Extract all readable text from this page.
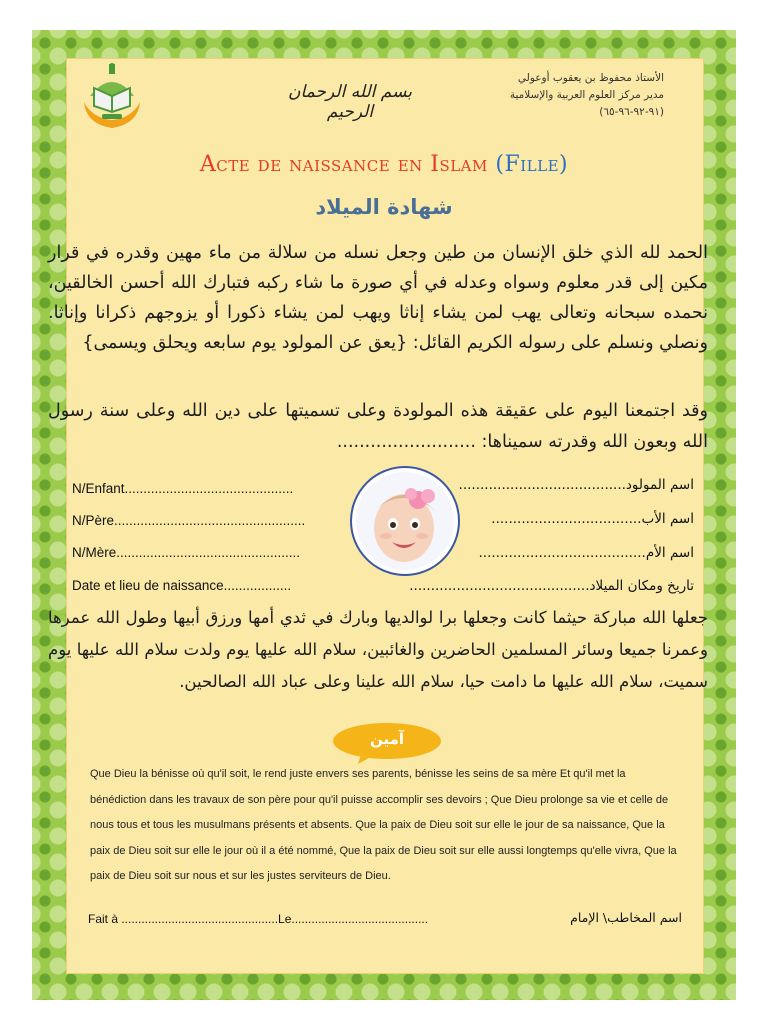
بسم الله الرحمان الرحيم
الأستاذ محفوظ بن يعقوب أوعولي
مدير مركز العلوم العربية والإسلامية
(٩١-٩٢-٩٦-٦٥)
Acte de naissance en Islam (Fille)
شهادة الميلاد

الحمد لله الذي خلق الإنسان من طين وجعل نسله من سلالة من ماء مهين وقدره في قرار مكين إلى قدر معلوم وسواه وعدله في أي صورة ما شاء ركبه فتبارك الله أحسن الخالقين، نحمده سبحانه وتعالى يهب لمن يشاء إناثا ويهب لمن يشاء ذكورا أو يزوجهم ذكرانا وإناثا. ونصلي ونسلم على رسوله الكريم القائل: {يعق عن المولود يوم سابعه ويحلق ويسمى}

وقد اجتمعنا اليوم على عقيقة هذه المولودة وعلى تسميتها على دين الله وعلى سنة رسول الله وبعون الله وقدرته سميناها: .........................

N/Enfant.............................................
N/Père...................................................
N/Mère.................................................
Date et lieu de naissance..................
اسم المولود.......................................
اسم الأب...................................
اسم الأم.......................................
تاريخ ومكان الميلاد..........................................

جعلها الله مباركة حيثما كانت وجعلها برا لوالديها وبارك في ثدي أمها ورزق أبيها وطول الله عمرها وعمرنا جميعا وسائر المسلمين الحاضرين والغائبين، سلام الله عليها يوم ولدت سلام الله عليها يوم سميت، سلام الله عليها ما دامت حيا، سلام الله علينا وعلى عباد الله الصالحين.

آمين

Que Dieu la bénisse où qu'il soit, le rend juste envers ses parents, bénisse les seins de sa mère Et qu'il met la bénédiction dans les travaux de son père pour qu'il puisse accomplir ses devoirs ; Que Dieu prolonge sa vie et celle de nous tous et tous les musulmans présents et absents. Que la paix de Dieu soit sur elle le jour de sa naissance, Que la paix de Dieu soit sur elle le jour où il a été nommé, Que la paix de Dieu soit sur elle aussi longtemps qu'elle vivra, Que la paix de Dieu soit sur nous et sur les justes serviteurs de Dieu.

Fait à ...............................................Le.........................................	اسم المخاطب\ الإمام
